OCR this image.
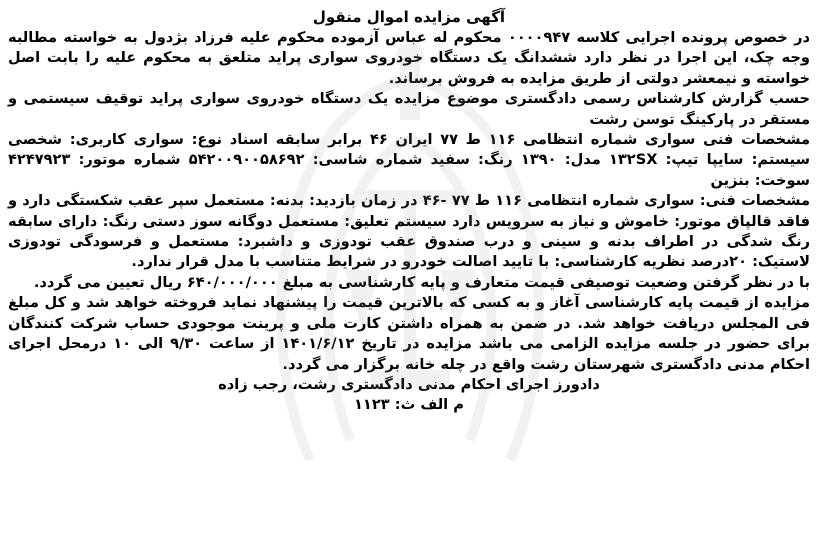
آگهی مزایده اموال منقول

در خصوص پرونده اجرایی کلاسه ۰۰۰۰۹۴۷ محکوم له عباس آزموده محکوم علیه فرزاد بژدول به خواسته مطالبه وجه چک، این اجرا در نظر دارد ششدانگ یک دستگاه خودروی سواری پراید متلعق به محکوم علیه را بابت اصل خواسته و نیمعشر دولتی از طریق مزایده به فروش برساند.

حسب گزارش کارشناس رسمی دادگستری موضوع مزایده یک دستگاه خودروی سواری پراید توقیف سیستمی و مستقر در پارکینگ توسن رشت

مشخصات فنی سواری شماره انتظامی ۱۱۶ ط ۷۷ ایران ۴۶ برابر سابقه اسناد نوع: سواری کاربری: شخصی سیستم: سایپا تیپ: ۱۳۲SX مدل: ۱۳۹۰ رنگ: سفید شماره شاسی: ۵۴۲۰۰۹۰۰۵۸۶۹۲ شماره موتور: ۴۲۴۷۹۲۳ سوخت: بنزین

مشخصات فنی: سواری شماره انتظامی ۱۱۶ ط ۷۷ -۴۶ در زمان بازدید: بدنه: مستعمل سپر عقب شکستگی دارد و فاقد قالپاق موتور: خاموش و نیاز به سرویس دارد سیستم تعلیق: مستعمل دوگانه سوز دستی رنگ: دارای سابقه رنگ شدگی در اطراف بدنه و سینی و درب صندوق عقب تودوزی و داشبرد: مستعمل و فرسودگی تودوزی لاستیک: ۲۰درصد نظریه کارشناسی: با تایید اصالت خودرو در شرایط متناسب با مدل قرار ندارد.

با در نظر گرفتن وضعیت توصیفی قیمت متعارف و پایه کارشناسی به مبلغ ۶۴۰/۰۰۰/۰۰۰ ریال تعیین می گردد.

مزایده از قیمت پایه کارشناسی آغاز و به کسی که بالاترین قیمت را پیشنهاد نماید فروخته خواهد شد و کل مبلغ فی المجلس دریافت خواهد شد. در ضمن به همراه داشتن کارت ملی و پرینت موجودی حساب شرکت کنندگان برای حضور در جلسه مزایده الزامی می باشد مزایده در تاریخ ۱۴۰۱/۶/۱۲ از ساعت ۹/۳۰ الی ۱۰ درمحل اجرای احکام مدنی دادگستری شهرستان رشت واقع در چله خانه برگزار می گردد.

دادورز اجرای احکام مدنی دادگستری رشت، رجب زاده

م الف ث: ۱۱۲۳
